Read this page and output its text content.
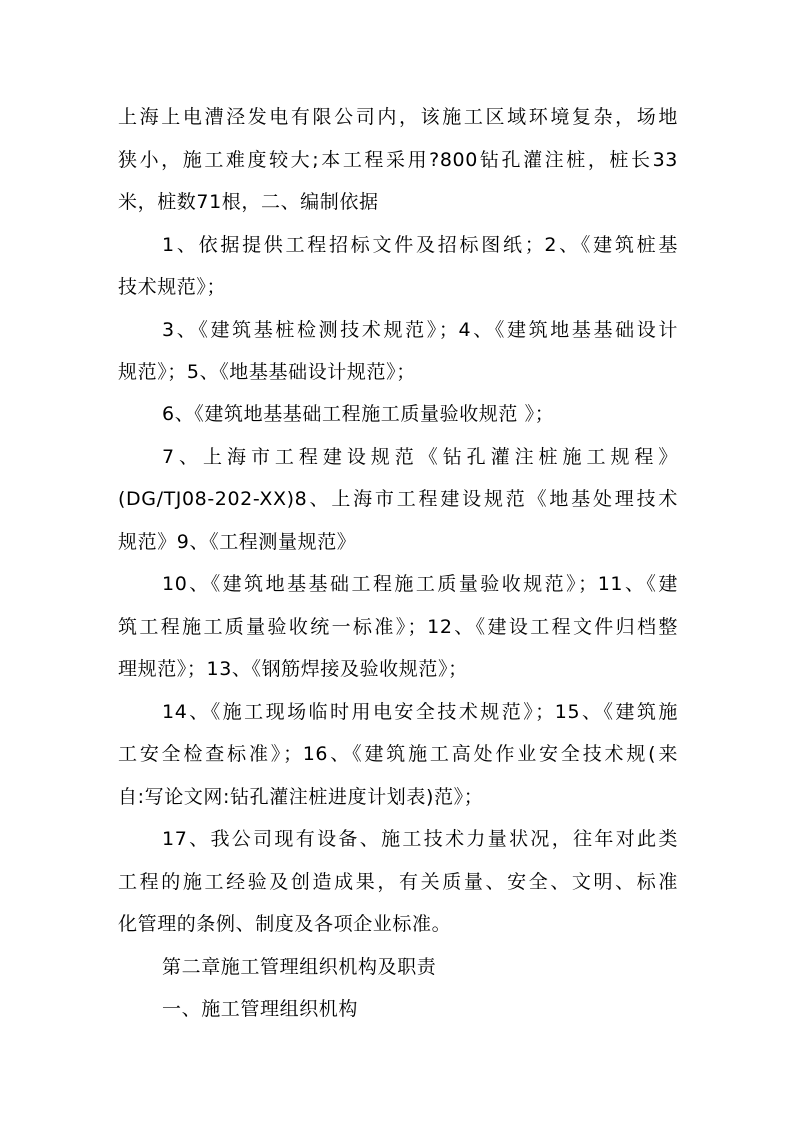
上海上电漕泾发电有限公司内，该施工区域环境复杂，场地

狭小，施工难度较大;本工程采用?800钻孔灌注桩，桩长33

米，桩数71根，二、编制依据

1、依据提供工程招标文件及招标图纸；2、《建筑桩基

技术规范》；

3、《建筑基桩检测技术规范》；4、《建筑地基基础设计

规范》；5、《地基基础设计规范》；

6、《建筑地基基础工程施工质量验收规范 》；

7、上海市工程建设规范《钻孔灌注桩施工规程》

(DG/TJ08-202-XX)8、上海市工程建设规范《地基处理技术

规范》9、《工程测量规范》

10、《建筑地基基础工程施工质量验收规范》；11、《建

筑工程施工质量验收统一标准》；12、《建设工程文件归档整

理规范》；13、《钢筋焊接及验收规范》；

14、《施工现场临时用电安全技术规范》；15、《建筑施

工安全检查标准》；16、《建筑施工高处作业安全技术规(来

自:写论文网:钻孔灌注桩进度计划表)范》；

17、我公司现有设备、施工技术力量状况，往年对此类

工程的施工经验及创造成果，有关质量、安全、文明、标准

化管理的条例、制度及各项企业标准。

第二章施工管理组织机构及职责

一、施工管理组织机构
